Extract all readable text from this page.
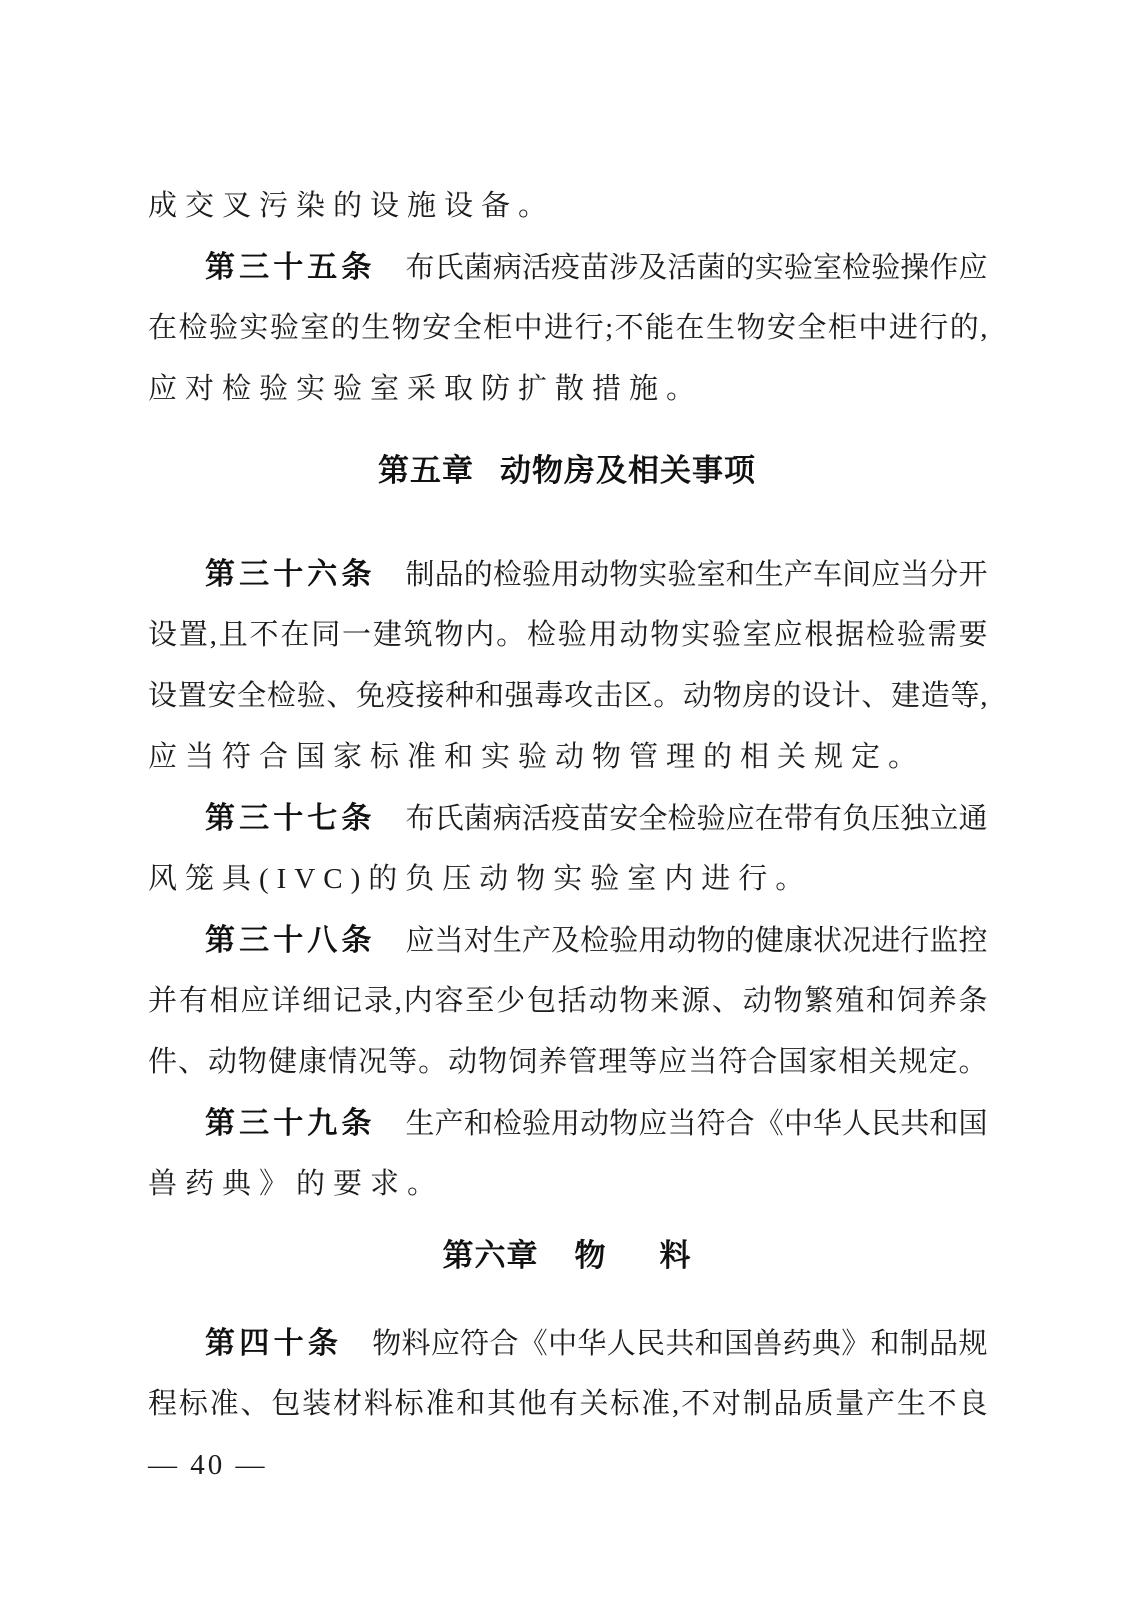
成交叉污染的设施设备。
第三十五条 布氏菌病活疫苗涉及活菌的实验室检验操作应
在检验实验室的生物安全柜中进行;不能在生物安全柜中进行的,
应对检验实验室采取防扩散措施。
第五章 动物房及相关事项
第三十六条 制品的检验用动物实验室和生产车间应当分开
设置,且不在同一建筑物内。检验用动物实验室应根据检验需要
设置安全检验、免疫接种和强毒攻击区。动物房的设计、建造等,
应当符合国家标准和实验动物管理的相关规定。
第三十七条 布氏菌病活疫苗安全检验应在带有负压独立通
风笼具(IVC)的负压动物实验室内进行。
第三十八条 应当对生产及检验用动物的健康状况进行监控
并有相应详细记录,内容至少包括动物来源、动物繁殖和饲养条
件、动物健康情况等。动物饲养管理等应当符合国家相关规定。
第三十九条 生产和检验用动物应当符合《中华人民共和国
兽药典》的要求。
第六章 物 料
第四十条 物料应符合《中华人民共和国兽药典》和制品规
程标准、包装材料标准和其他有关标准,不对制品质量产生不良
— 40 —
